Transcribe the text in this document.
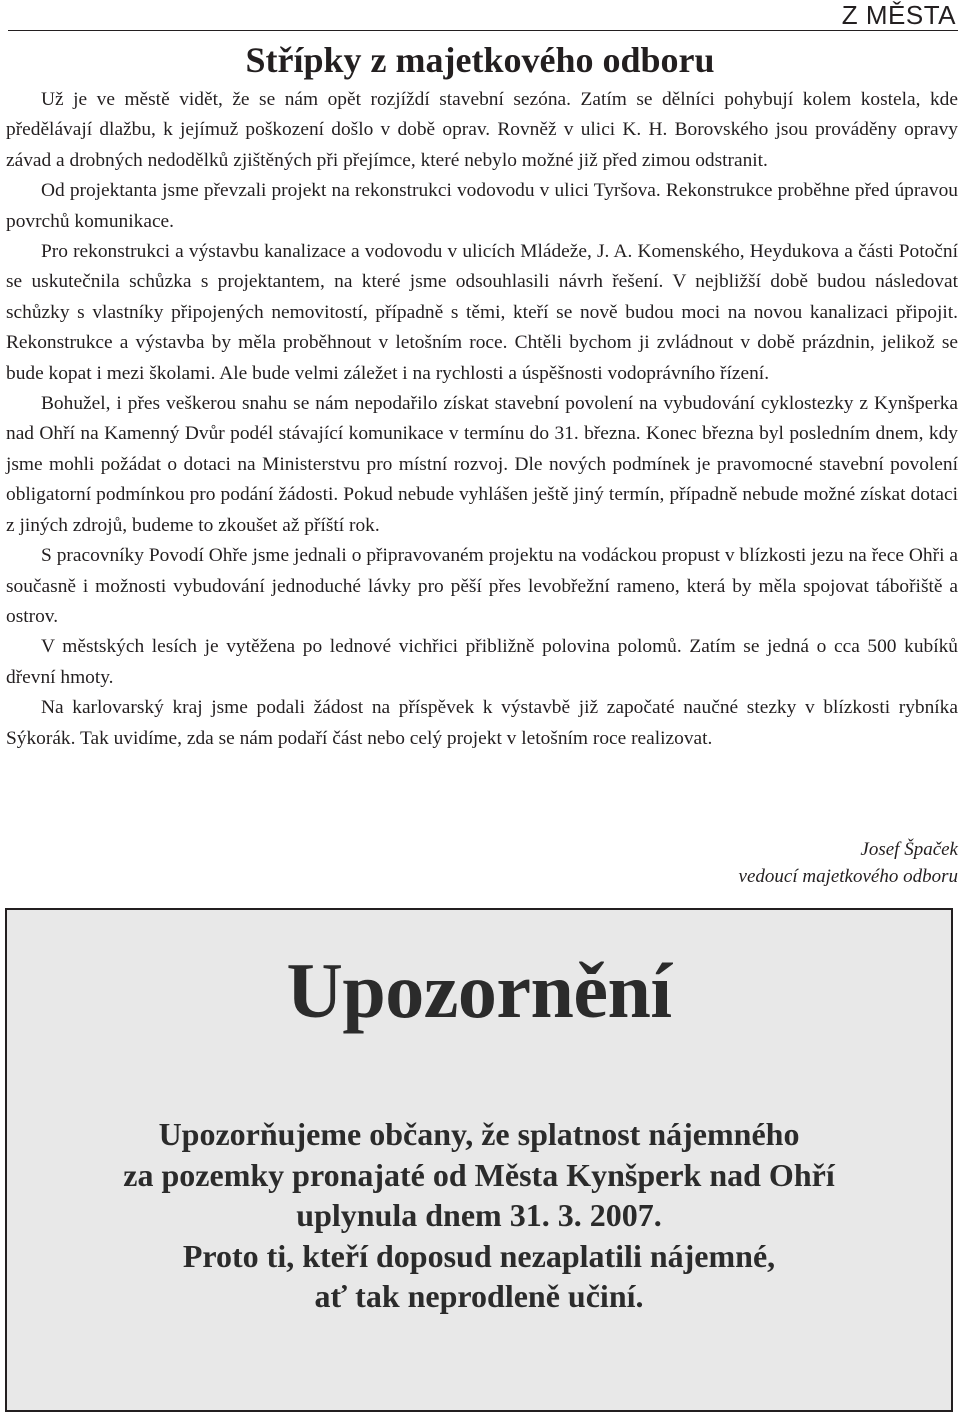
Z MĚSTA
Střípky z majetkového odboru

Už je ve městě vidět, že se nám opět rozjíždí stavební sezóna. Zatím se dělníci pohybují kolem kostela, kde předělávají dlažbu, k jejímuž poškození došlo v době oprav. Rovněž v ulici K. H. Borovského jsou prováděny opravy závad a drobných nedodělků zjištěných při přejímce, které nebylo možné již před zimou odstranit.

Od projektanta jsme převzali projekt na rekonstrukci vodovodu v ulici Tyršova. Rekonstrukce proběhne před úpravou povrchů komunikace.

Pro rekonstrukci a výstavbu kanalizace a vodovodu v ulicích Mládeže, J. A. Komenského, Heydukova a části Potoční se uskutečnila schůzka s projektantem, na které jsme odsouhlasili návrh řešení. V nejbližší době budou následovat schůzky s vlastníky připojených nemovitostí, případně s těmi, kteří se nově budou moci na novou kanalizaci připojit. Rekonstrukce a výstavba by měla proběhnout v letošním roce. Chtěli bychom ji zvládnout v době prázdnin, jelikož se bude kopat i mezi školami. Ale bude velmi záležet i na rychlosti a úspěšnosti vodoprávního řízení.

Bohužel, i přes veškerou snahu se nám nepodařilo získat stavební povolení na vybudování cyklostezky z Kynšperka nad Ohří na Kamenný Dvůr podél stávající komunikace v termínu do 31. března. Konec března byl posledním dnem, kdy jsme mohli požádat o dotaci na Ministerstvu pro místní rozvoj. Dle nových podmínek je pravomocné stavební povolení obligatorní podmínkou pro podání žádosti. Pokud nebude vyhlášen ještě jiný termín, případně nebude možné získat dotaci z jiných zdrojů, budeme to zkoušet až příští rok.

S pracovníky Povodí Ohře jsme jednali o připravovaném projektu na vodáckou propust v blízkosti jezu na řece Ohři a současně i možnosti vybudování jednoduché lávky pro pěší přes levobřežní rameno, která by měla spojovat tábořiště a ostrov.

V městských lesích je vytěžena po lednové vichřici přibližně polovina polomů. Zatím se jedná o cca 500 kubíků dřevní hmoty.

Na karlovarský kraj jsme podali žádost na příspěvek k výstavbě již započaté naučné stezky v blízkosti rybníka Sýkorák. Tak uvidíme, zda se nám podaří část nebo celý projekt v letošním roce realizovat.

Josef Špaček
vedoucí majetkového odboru
Upozornění
Upozorňujeme občany, že splatnost nájemného
za pozemky pronajaté od Města Kynšperk nad Ohří
uplynula dnem 31. 3. 2007.
Proto ti, kteří doposud nezaplatili nájemné,
ať tak neprodleně učiní.
